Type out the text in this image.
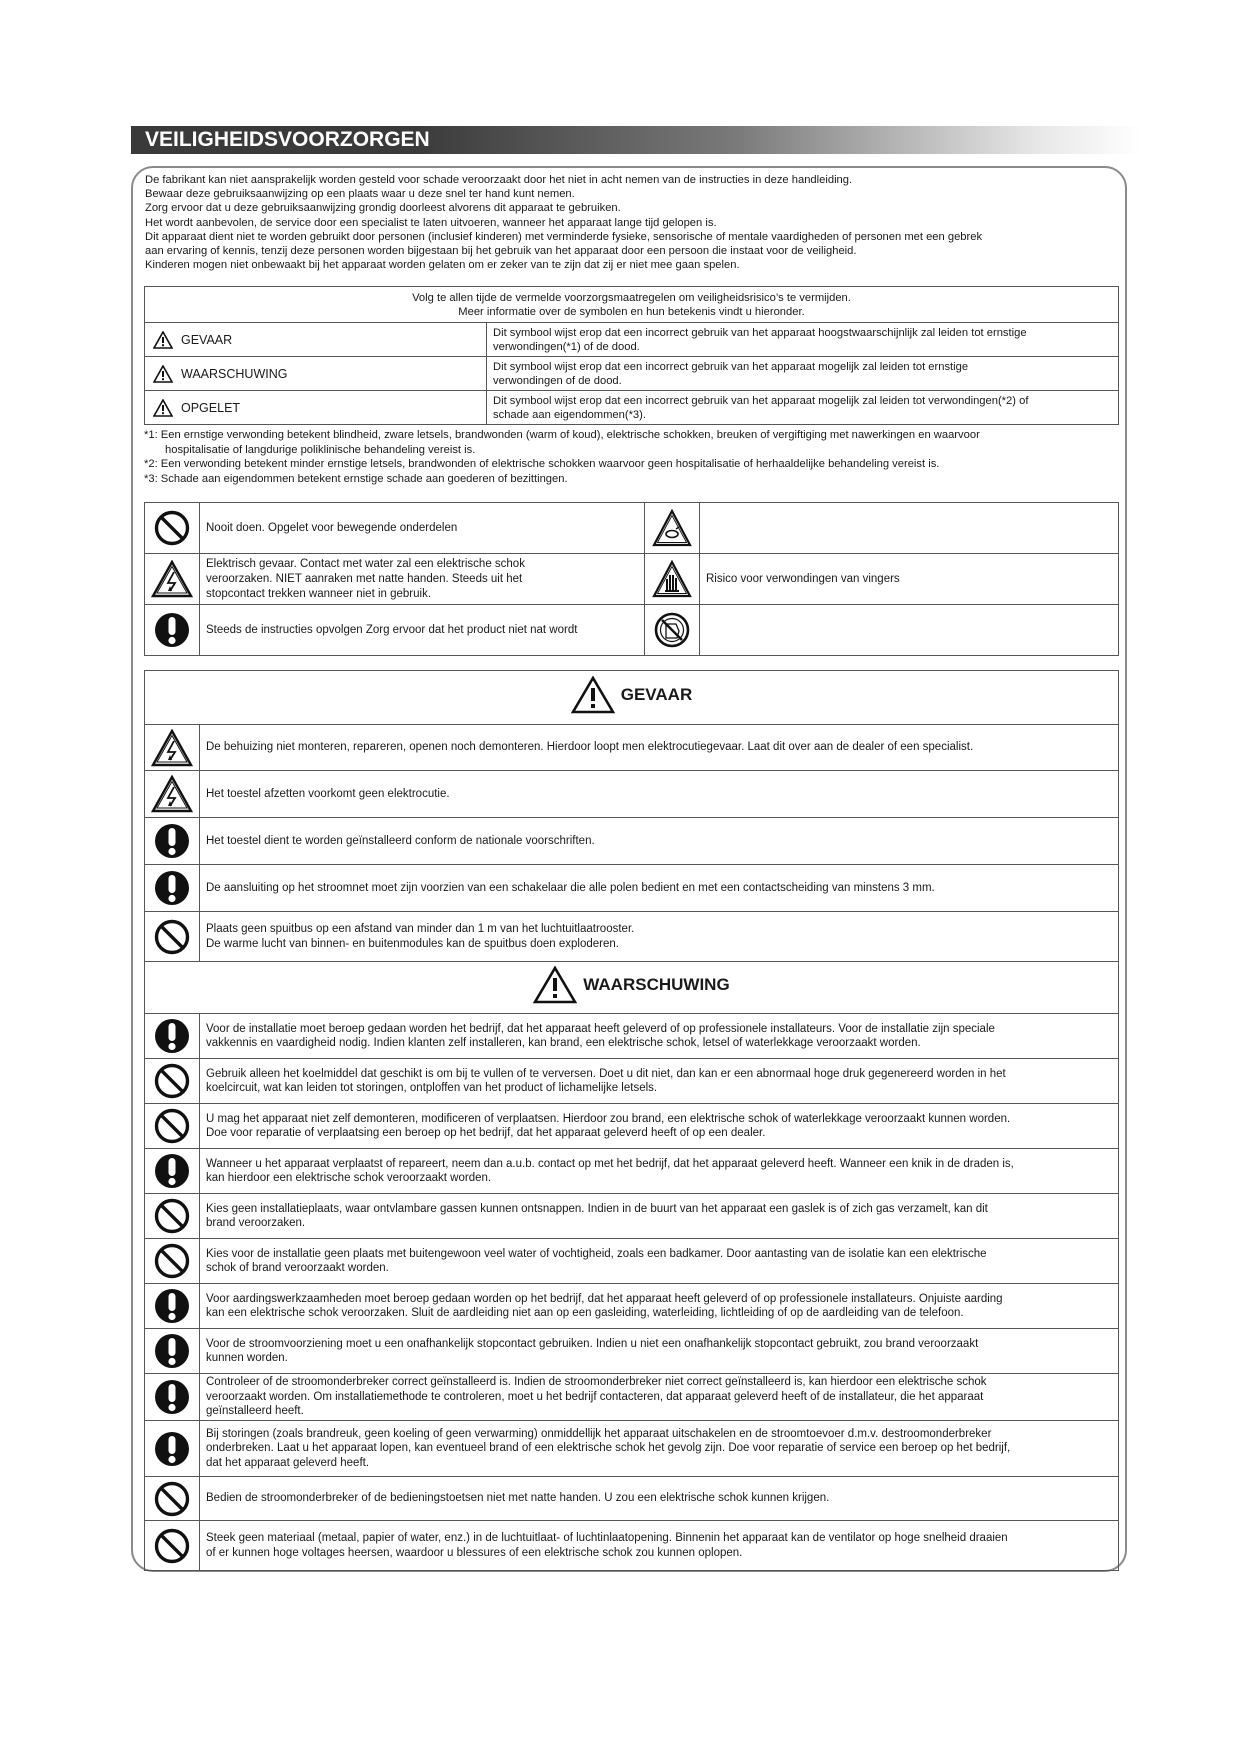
VEILIGHEIDSVOORZORGEN
De fabrikant kan niet aansprakelijk worden gesteld voor schade veroorzaakt door het niet in acht nemen van de instructies in deze handleiding.
Bewaar deze gebruiksaanwijzing op een plaats waar u deze snel ter hand kunt nemen.
Zorg ervoor dat u deze gebruiksaanwijzing grondig doorleest alvorens dit apparaat te gebruiken.
Het wordt aanbevolen, de service door een specialist te laten uitvoeren, wanneer het apparaat lange tijd gelopen is.
Dit apparaat dient niet te worden gebruikt door personen (inclusief kinderen) met verminderde fysieke, sensorische of mentale vaardigheden of personen met een gebrek
aan ervaring of kennis, tenzij deze personen worden bijgestaan bij het gebruik van het apparaat door een persoon die instaat voor de veiligheid.
Kinderen mogen niet onbewaakt bij het apparaat worden gelaten om er zeker van te zijn dat zij er niet mee gaan spelen.
Volg te allen tijde de vermelde voorzorgsmaatregelen om veiligheidsrisico’s te vermijden.
Meer informatie over de symbolen en hun betekenis vindt u hieronder.	

GEVAAR	Dit symbool wijst erop dat een incorrect gebruik van het apparaat hoogstwaarschijnlijk zal leiden tot ernstige
verwondingen(*1) of de dood.

WAARSCHUWING	Dit symbool wijst erop dat een incorrect gebruik van het apparaat mogelijk zal leiden tot ernstige
verwondingen of de dood.

OPGELET	Dit symbool wijst erop dat een incorrect gebruik van het apparaat mogelijk zal leiden tot verwondingen(*2) of
schade aan eigendommen(*3).
*1: Een ernstige verwonding betekent blindheid, zware letsels, brandwonden (warm of koud), elektrische schokken, breuken of vergiftiging met nawerkingen en waarvoor
hospitalisatie of langdurige poliklinische behandeling vereist is.
*2: Een verwonding betekent minder ernstige letsels, brandwonden of elektrische schokken waarvoor geen hospitalisatie of herhaaldelijke behandeling vereist is.
*3: Schade aan eigendommen betekent ernstige schade aan goederen of bezittingen.
	Nooit doen. Opgelet voor bewegende onderdelen	

Elektrisch gevaar. Contact met water zal een elektrische schok
veroorzaken. NIET aanraken met natte handen. Steeds uit het
stopcontact trekken wanneer niet in gebruik.		Risico voor verwondingen van vingers

	Steeds de instructies opvolgen Zorg ervoor dat het product niet nat wordt	

GEVAAR	

De behuizing niet monteren, repareren, openen noch demonteren. Hierdoor loopt men elektrocutiegevaar. Laat dit over aan de dealer of een specialist.

Het toestel afzetten voorkomt geen elektrocutie.

Het toestel dient te worden geïnstalleerd conform de nationale voorschriften.

De aansluiting op het stroomnet moet zijn voorzien van een schakelaar die alle polen bedient en met een contactscheiding van minstens 3 mm.

Plaats geen spuitbus op een afstand van minder dan 1 m van het luchtuitlaatrooster.
De warme lucht van binnen- en buitenmodules kan de spuitbus doen exploderen.

WAARSCHUWING	

Voor de installatie moet beroep gedaan worden het bedrijf, dat het apparaat heeft geleverd of op professionele installateurs. Voor de installatie zijn speciale
vakkennis en vaardigheid nodig. Indien klanten zelf installeren, kan brand, een elektrische schok, letsel of waterlekkage veroorzaakt worden.

Gebruik alleen het koelmiddel dat geschikt is om bij te vullen of te verversen. Doet u dit niet, dan kan er een abnormaal hoge druk gegenereerd worden in het
koelcircuit, wat kan leiden tot storingen, ontploffen van het product of lichamelijke letsels.

U mag het apparaat niet zelf demonteren, modificeren of verplaatsen. Hierdoor zou brand, een elektrische schok of waterlekkage veroorzaakt kunnen worden.
Doe voor reparatie of verplaatsing een beroep op het bedrijf, dat het apparaat geleverd heeft of op een dealer.

Wanneer u het apparaat verplaatst of repareert, neem dan a.u.b. contact op met het bedrijf, dat het apparaat geleverd heeft. Wanneer een knik in de draden is,
kan hierdoor een elektrische schok veroorzaakt worden.

Kies geen installatieplaats, waar ontvlambare gassen kunnen ontsnappen. Indien in de buurt van het apparaat een gaslek is of zich gas verzamelt, kan dit
brand veroorzaken.

Kies voor de installatie geen plaats met buitengewoon veel water of vochtigheid, zoals een badkamer. Door aantasting van de isolatie kan een elektrische
schok of brand veroorzaakt worden.

Voor aardingswerkzaamheden moet beroep gedaan worden op het bedrijf, dat het apparaat heeft geleverd of op professionele installateurs. Onjuiste aarding
kan een elektrische schok veroorzaken. Sluit de aardleiding niet aan op een gasleiding, waterleiding, lichtleiding of op de aardleiding van de telefoon.

Voor de stroomvoorziening moet u een onafhankelijk stopcontact gebruiken. Indien u niet een onafhankelijk stopcontact gebruikt, zou brand veroorzaakt
kunnen worden.

Controleer of de stroomonderbreker correct geïnstalleerd is. Indien de stroomonderbreker niet correct geïnstalleerd is, kan hierdoor een elektrische schok
veroorzaakt worden. Om installatiemethode te controleren, moet u het bedrijf contacteren, dat apparaat geleverd heeft of de installateur, die het apparaat
geïnstalleerd heeft.

Bij storingen (zoals brandreuk, geen koeling of geen verwarming) onmiddellijk het apparaat uitschakelen en de stroomtoevoer d.m.v. destroomonderbreker
onderbreken. Laat u het apparaat lopen, kan eventueel brand of een elektrische schok het gevolg zijn. Doe voor reparatie of service een beroep op het bedrijf,
dat het apparaat geleverd heeft.

Bedien de stroomonderbreker of de bedieningstoetsen niet met natte handen. U zou een elektrische schok kunnen krijgen.

Steek geen materiaal (metaal, papier of water, enz.) in de luchtuitlaat- of luchtinlaatopening. Binnenin het apparaat kan de ventilator op hoge snelheid draaien
of er kunnen hoge voltages heersen, waardoor u blessures of een elektrische schok zou kunnen oplopen.
